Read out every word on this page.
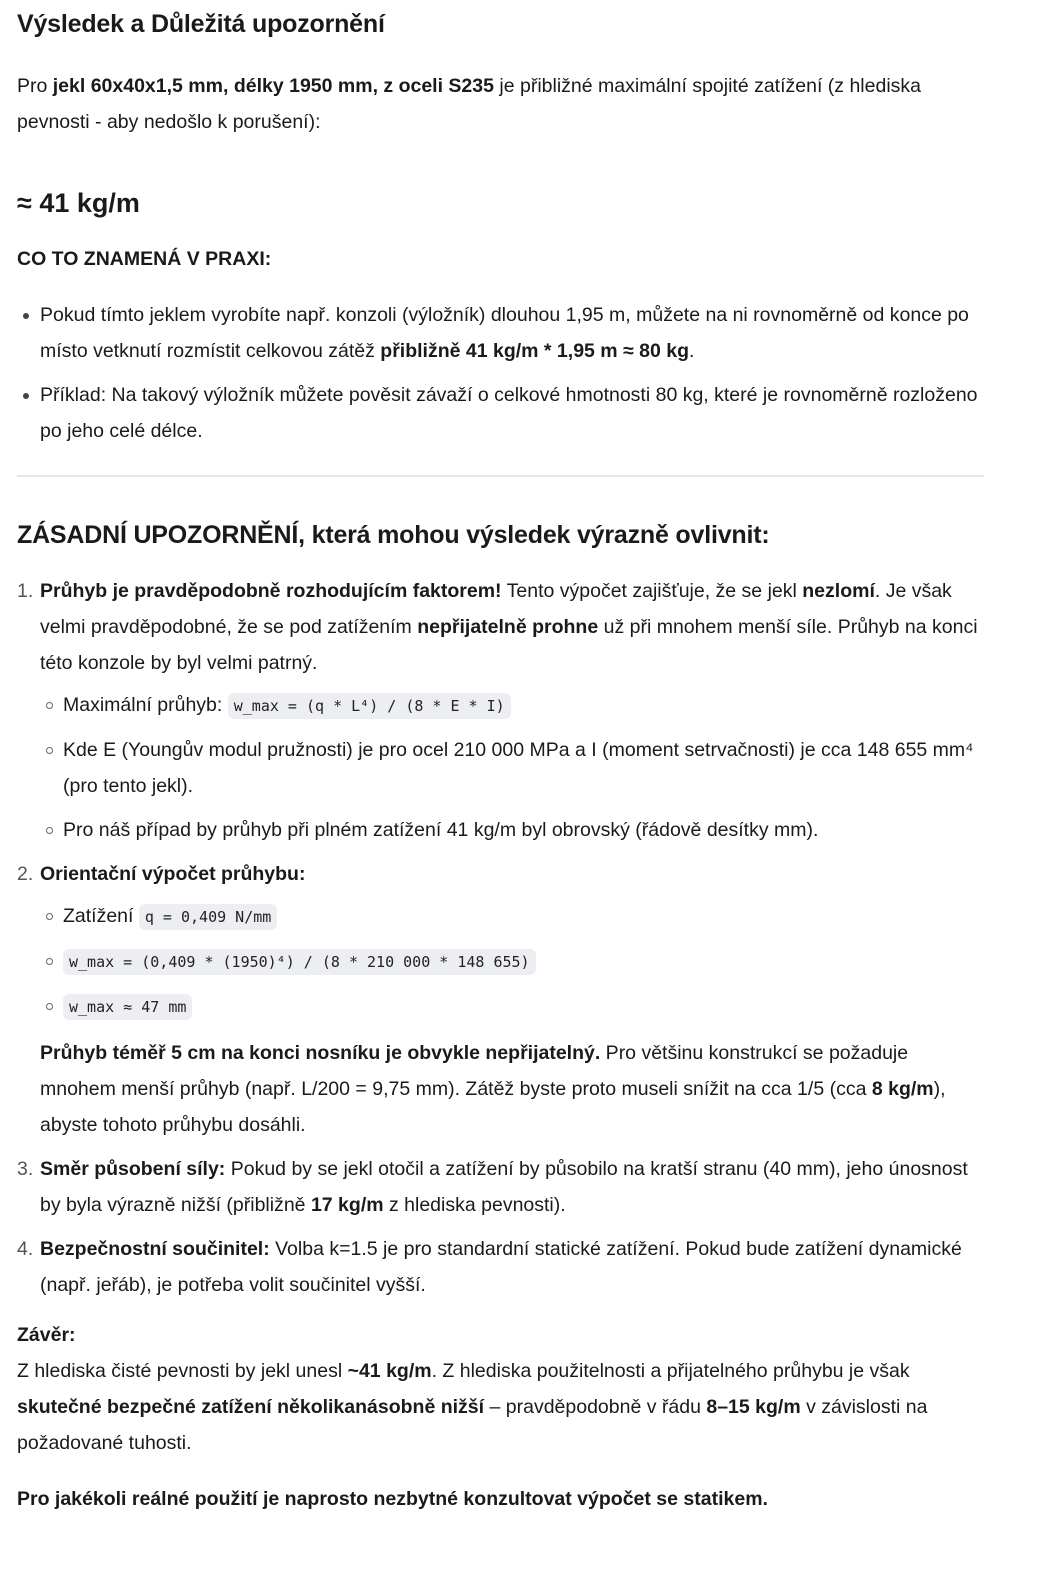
Výsledek a Důležitá upozornění

Pro jekl 60x40x1,5 mm, délky 1950 mm, z oceli S235 je přibližné maximální spojité zatížení (z hlediska pevnosti - aby nedošlo k porušení):

≈ 41 kg/m

CO TO ZNAMENÁ V PRAXI:

Pokud tímto jeklem vyrobíte např. konzoli (výložník) dlouhou 1,95 m, můžete na ni rovnoměrně od konce po místo vetknutí rozmístit celkovou zátěž přibližně 41 kg/m * 1,95 m ≈ 80 kg.
Příklad: Na takový výložník můžete pověsit závaží o celkové hmotnosti 80 kg, které je rovnoměrně rozloženo po jeho celé délce.
ZÁSADNÍ UPOZORNĚNÍ, která mohou výsledek výrazně ovlivnit:
1. Průhyb je pravděpodobně rozhodujícím faktorem! Tento výpočet zajišťuje, že se jekl nezlomí. Je však velmi pravděpodobné, že se pod zatížením nepřijatelně prohne už při mnohem menší síle. Průhyb na konci této konzole by byl velmi patrný.
Maximální průhyb: w_max = (q * L⁴) / (8 * E * I)
Kde E (Youngův modul pružnosti) je pro ocel 210 000 MPa a I (moment setrvačnosti) je cca 148 655 mm⁴ (pro tento jekl).
Pro náš případ by průhyb při plném zatížení 41 kg/m byl obrovský (řádově desítky mm).
2. Orientační výpočet průhybu:
Zatížení q = 0,409 N/mm
w_max = (0,409 * (1950)⁴) / (8 * 210 000 * 148 655)
w_max ≈ 47 mm

Průhyb téměř 5 cm na konci nosníku je obvykle nepřijatelný. Pro většinu konstrukcí se požaduje mnohem menší průhyb (např. L/200 = 9,75 mm). Zátěž byste proto museli snížit na cca 1/5 (cca 8 kg/m), abyste tohoto průhybu dosáhli.

3. Směr působení síly: Pokud by se jekl otočil a zatížení by působilo na kratší stranu (40 mm), jeho únosnost by byla výrazně nižší (přibližně 17 kg/m z hlediska pevnosti).
4. Bezpečnostní součinitel: Volba k=1.5 je pro standardní statické zatížení. Pokud bude zatížení dynamické (např. jeřáb), je potřeba volit součinitel vyšší.

Závěr:

Z hlediska čisté pevnosti by jekl unesl ~41 kg/m. Z hlediska použitelnosti a přijatelného průhybu je však skutečné bezpečné zatížení několikanásobně nižší – pravděpodobně v řádu 8–15 kg/m v závislosti na požadované tuhosti.

Pro jakékoli reálné použití je naprosto nezbytné konzultovat výpočet se statikem.
